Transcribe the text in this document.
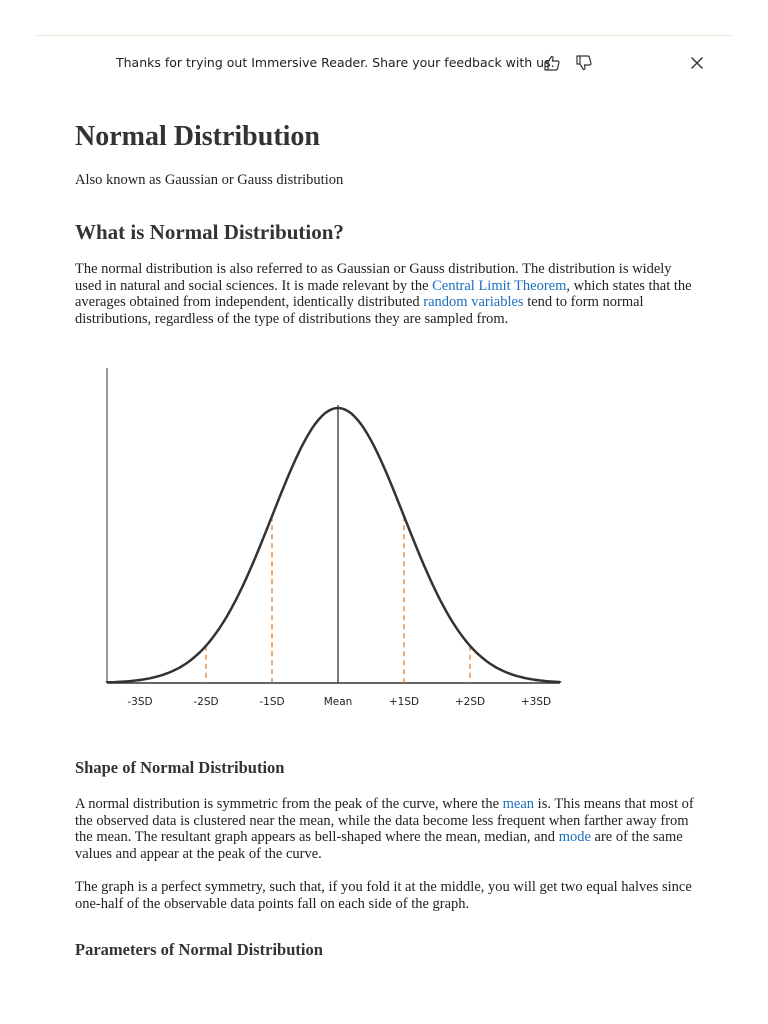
Thanks for trying out Immersive Reader. Share your feedback with us.
Normal Distribution
Also known as Gaussian or Gauss distribution
What is Normal Distribution?

The normal distribution is also referred to as Gaussian or Gauss distribution. The distribution is widely used in natural and social sciences. It is made relevant by the Central Limit Theorem, which states that the averages obtained from independent, identically distributed random variables tend to form normal distributions, regardless of the type of distributions they are sampled from.

-3SD	-2SD	-1SD	Mean	+1SD	+2SD	+3SD
Shape of Normal Distribution

A normal distribution is symmetric from the peak of the curve, where the mean is. This means that most of the observed data is clustered near the mean, while the data become less frequent when farther away from the mean. The resultant graph appears as bell-shaped where the mean, median, and mode are of the same values and appear at the peak of the curve.

The graph is a perfect symmetry, such that, if you fold it at the middle, you will get two equal halves since one-half of the observable data points fall on each side of the graph.

Parameters of Normal Distribution
